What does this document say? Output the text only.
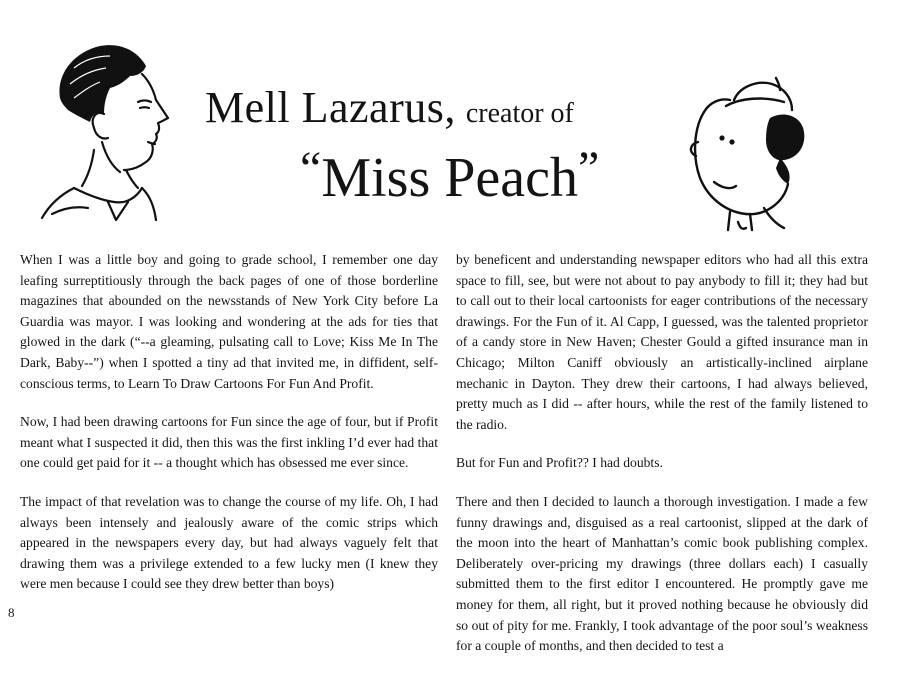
Mell Lazarus, creator of
“Miss Peach”

When I was a little boy and going to grade school, I remember one day leafing surreptitiously through the back pages of one of those borderline magazines that abounded on the newsstands of New York City before La Guardia was mayor. I was looking and wondering at the ads for ties that glowed in the dark (“--a gleaming, pulsating call to Love; Kiss Me In The Dark, Baby--”) when I spotted a tiny ad that invited me, in diffident, self-conscious terms, to Learn To Draw Cartoons For Fun And Profit.

Now, I had been drawing cartoons for Fun since the age of four, but if Profit meant what I suspected it did, then this was the first inkling I’d ever had that one could get paid for it -- a thought which has obsessed me ever since.

The impact of that revelation was to change the course of my life. Oh, I had always been intensely and jealously aware of the comic strips which appeared in the newspapers every day, but had always vaguely felt that drawing them was a privilege extended to a few lucky men (I knew they were men because I could see they drew better than boys)

by beneficent and understanding newspaper editors who had all this extra space to fill, see, but were not about to pay anybody to fill it; they had but to call out to their local cartoonists for eager contributions of the necessary drawings. For the Fun of it. Al Capp, I guessed, was the talented proprietor of a candy store in New Haven; Chester Gould a gifted insurance man in Chicago; Milton Caniff obviously an artistically-inclined airplane mechanic in Dayton. They drew their cartoons, I had always believed, pretty much as I did -- after hours, while the rest of the family listened to the radio.

But for Fun and Profit?? I had doubts.

There and then I decided to launch a thorough investigation. I made a few funny drawings and, disguised as a real cartoonist, slipped at the dark of the moon into the heart of Manhattan’s comic book publishing complex. Deliberately over-pricing my drawings (three dollars each) I casually submitted them to the first editor I encountered. He promptly gave me money for them, all right, but it proved nothing because he obviously did so out of pity for me. Frankly, I took advantage of the poor soul’s weakness for a couple of months, and then decided to test a

8
